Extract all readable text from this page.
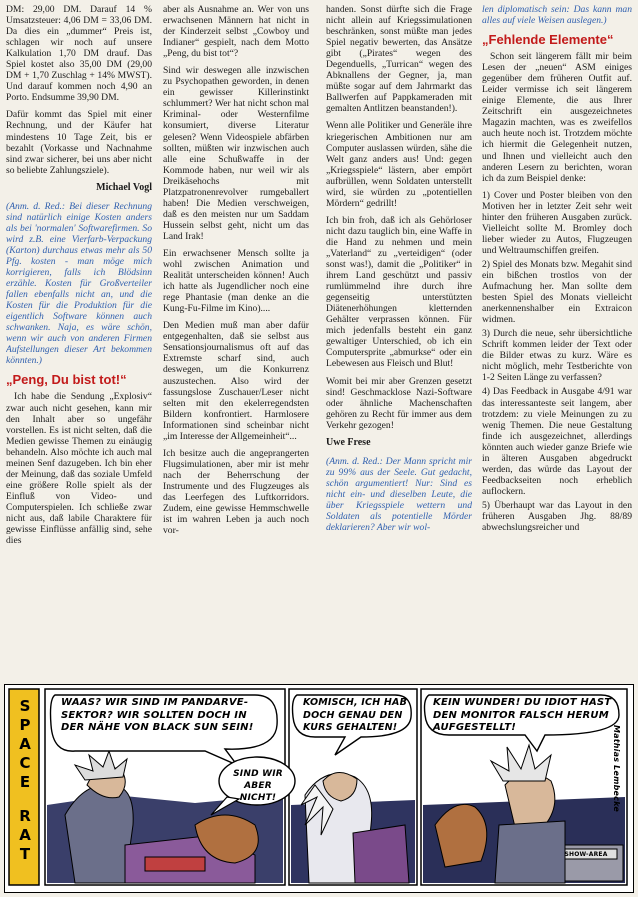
DM: 29,00 DM. Darauf 14 % Umsatzsteuer: 4,06 DM = 33,06 DM. Da dies ein „dummer“ Preis ist, schlagen wir noch auf unsere Kalkulation 1,70 DM drauf. Das Spiel kostet also 35,00 DM (29,00 DM + 1,70 Zuschlag + 14% MWST). Und darauf kommen noch 4,90 an Porto. Endsumme 39,90 DM.

Dafür kommt das Spiel mit einer Rechnung, und der Käufer hat mindestens 10 Tage Zeit, bis er bezahlt (Vorkasse und Nachnahme sind zwar sicherer, bei uns aber nicht so beliebte Zahlungsziele).

Michael Vogl

(Anm. d. Red.: Bei dieser Rechnung sind natürlich einige Kosten anders als bei 'normalen' Softwarefirmen. So wird z.B. eine Vierfarb-Verpackung (Karton) durchaus etwas mehr als 50 Pfg. kosten - man möge mich korrigieren, falls ich Blödsinn erzähle. Kosten für Großverteiler fallen ebenfalls nicht an, und die Kosten für die Produktion für die eigentlich Software können auch schwanken. Naja, es wäre schön, wenn wir auch von anderen Firmen Aufstellungen dieser Art bekommen könnten.)

„Peng, Du bist tot!“

Ich habe die Sendung „Explosiv“ zwar auch nicht gesehen, kann mir den Inhalt aber so ungefähr vorstellen. Es ist nicht selten, daß die Medien gewisse Themen zu einäugig behandeln. Also möchte ich auch mal meinen Senf dazugeben. Ich bin eher der Meinung, daß das soziale Umfeld eine größere Rolle spielt als der Einfluß von Video- und Computerspielen. Ich schließe zwar nicht aus, daß labile Charaktere für gewisse Einflüsse anfällig sind, sehe dies

aber als Ausnahme an. Wer von uns erwachsenen Männern hat nicht in der Kinderzeit selbst „Cowboy und Indianer“ gespielt, nach dem Motto „Peng, du bist tot“?

Sind wir deswegen alle inzwischen zu Psychopathen geworden, in denen ein gewisser Killerinstinkt schlummert? Wer hat nicht schon mal Kriminal- oder Westernfilme konsumiert, diverse Literatur gelesen? Wenn Videospiele abfärben sollten, müßten wir inzwischen auch alle eine Schußwaffe in der Kommode haben, nur weil wir als Dreikäsehochs mit Platzpatronenrevolver rumgeballert haben! Die Medien verschweigen, daß es den meisten nur um Saddam Hussein selbst geht, nicht um das Land Irak!

Ein erwachsener Mensch sollte ja wohl zwischen Animation und Realität unterscheiden können! Auch ich hatte als Jugendlicher noch eine rege Phantasie (man denke an die Kung-Fu-Filme im Kino)....

Den Medien muß man aber dafür entgegenhalten, daß sie selbst aus Sensationsjournalismus oft auf das Extremste scharf sind, auch deswegen, um die Konkurrenz auszustechen. Also wird der fassungslose Zuschauer/Leser nicht selten mit den ekelerregendsten Bildern konfrontiert. Harmlosere Informationen sind scheinbar nicht „im Interesse der Allgemeinheit“...

Ich besitze auch die angeprangerten Flugsimulationen, aber mir ist mehr nach der Beherrschung der Instrumente und des Flugzeuges als das Leerfegen des Luftkorridors. Zudem, eine gewisse Hemmschwelle ist im wahren Leben ja auch noch vor-

handen. Sonst dürfte sich die Frage nicht allein auf Kriegssimulationen beschränken, sonst müßte man jedes Spiel negativ bewerten, das Ansätze gibt („Pirates“ wegen des Degenduells, „Turrican“ wegen des Abknallens der Gegner, ja, man müßte sogar auf dem Jahrmarkt das Ballwerfen auf Pappkameraden mit gemalten Antlitzen beanstanden!).

Wenn alle Politiker und Generäle ihre kriegerischen Ambitionen nur am Computer auslassen würden, sähe die Welt ganz anders aus! Und: gegen „Kriegsspiele“ lästern, aber empört aufbrüllen, wenn Soldaten unterstellt wird, sie würden zu „potentiellen Mördern“ gedrillt!

Ich bin froh, daß ich als Gehörloser nicht dazu tauglich bin, eine Waffe in die Hand zu nehmen und mein „Vaterland“ zu „verteidigen“ (oder sonst was!), damit die „Politiker“ in ihrem Land geschützt und passiv rumlümmelnd ihre durch ihre gegenseitig unterstützten Diätenerhöhungen kletternden Gehälter verprassen können. Für mich jedenfalls besteht ein ganz gewaltiger Unterschied, ob ich ein Computersprite „abmurkse“ oder ein Lebewesen aus Fleisch und Blut!

Womit bei mir aber Grenzen gesetzt sind! Geschmacklose Nazi-Software oder ähnliche Machenschaften gehören zu Recht für immer aus dem Verkehr gezogen!

Uwe Frese

(Anm. d. Red.: Der Mann spricht mir zu 99% aus der Seele. Gut gedacht, schön argumentiert! Nur: Sind es nicht ein- und dieselben Leute, die über Kriegsspiele wettern und Soldaten als potentielle Mörder deklarieren? Aber wir wol-

len diplomatisch sein: Das kann man alles auf viele Weisen auslegen.)

„Fehlende Elemente“

Schon seit längerem fällt mir beim Lesen der „neuen“ ASM einiges gegenüber dem früheren Outfit auf. Leider vermisse ich seit längerem einige Elemente, die aus Ihrer Zeitschrift ein ausgezeichnetes Magazin machten, was es zweifellos auch heute noch ist. Trotzdem möchte ich hiermit die Gelegenheit nutzen, und Ihnen und vielleicht auch den anderen Lesern zu berichten, woran ich da zum Beispiel denke:

1) Cover und Poster bleiben von den Motiven her in letzter Zeit sehr weit hinter den früheren Ausgaben zurück. Vielleicht sollte M. Bromley doch lieber wieder zu Autos, Flugzeugen und Weltraumschiffen greifen.

2) Spiel des Monats bzw. Megahit sind ein bißchen trostlos von der Aufmachung her. Man sollte dem besten Spiel des Monats vielleicht anerkennenshalber ein Extraicon widmen.

3) Durch die neue, sehr übersichtliche Schrift kommen leider der Text oder die Bilder etwas zu kurz. Wäre es nicht möglich, mehr Testberichte von 1-2 Seiten Länge zu verfassen?

4) Das Feedback in Ausgabe 4/91 war das interessanteste seit langem, aber trotzdem: zu viele Meinungen zu zu wenig Themen. Die neue Gestaltung finde ich ausgezeichnet, allerdings könnten auch wieder ganze Briefe wie in älteren Ausgaben abgedruckt werden, das würde das Layout der Feedbackseiten noch erheblich auflockern.

5) Überhaupt war das Layout in den früheren Ausgaben Jhg. 88/89 abwechslungsreicher und

S
P
A
C
E
R
A
T
WAAS? WIR SIND IM PANDARVE-SEKTOR? WIR SOLLTEN DOCH IN DER NÄHE VON BLACK SUN SEIN!
SIND WIR ABER NICHT!
KOMISCH, ICH HAB DOCH GENAU DEN KURS GEHALTEN!
KEIN WUNDER! DU IDIOT HAST DEN MONITOR FALSCH HERUM AUFGESTELLT!
SHOW-AREA
Mathias Lembecke
